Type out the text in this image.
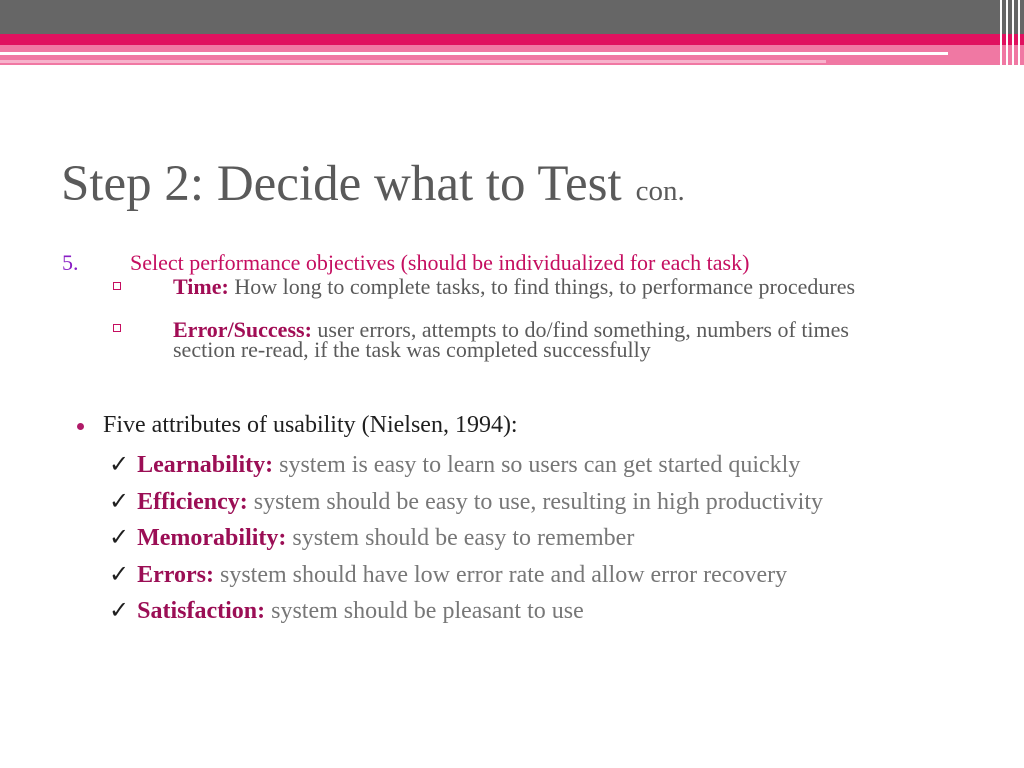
Step 2: Decide what to Test con.
5. Select performance objectives (should be individualized for each task)
Time: How long to complete tasks, to find things, to performance procedures
Error/Success: user errors, attempts to do/find something, numbers of times section re-read, if the task was completed successfully
Five attributes of usability (Nielsen, 1994):
✓ Learnability: system is easy to learn so users can get started quickly
✓ Efficiency: system should be easy to use, resulting in high productivity
✓ Memorability: system should be easy to remember
✓ Errors: system should have low error rate and allow error recovery
✓ Satisfaction: system should be pleasant to use
